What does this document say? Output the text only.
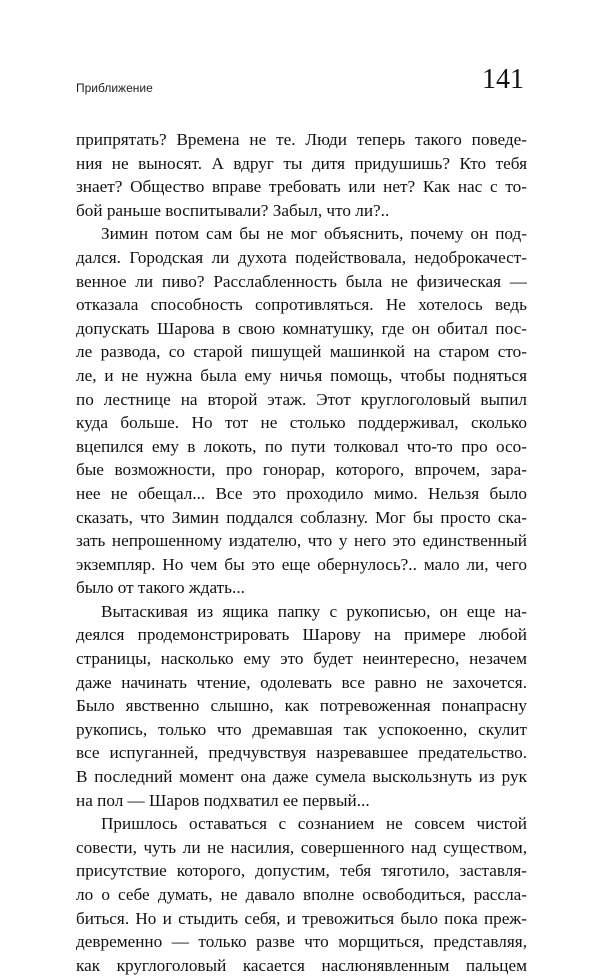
Приближение	141
припрятать? Времена не те. Люди теперь такого поведе-
ния не выносят. А вдруг ты дитя придушишь? Кто тебя
знает? Общество вправе требовать или нет? Как нас с то-
бой раньше воспитывали? Забыл, что ли?..
Зимин потом сам бы не мог объяснить, почему он под-
дался. Городская ли духота подействовала, недоброкачест-
венное ли пиво? Расслабленность была не физическая —
отказала способность сопротивляться. Не хотелось ведь
допускать Шарова в свою комнатушку, где он обитал пос-
ле развода, со старой пишущей машинкой на старом сто-
ле, и не нужна была ему ничья помощь, чтобы подняться
по лестнице на второй этаж. Этот круглоголовый выпил
куда больше. Но тот не столько поддерживал, сколько
вцепился ему в локоть, по пути толковал что-то про осо-
бые возможности, про гонорар, которого, впрочем, зара-
нее не обещал... Все это проходило мимо. Нельзя было
сказать, что Зимин поддался соблазну. Мог бы просто ска-
зать непрошенному издателю, что у него это единственный
экземпляр. Но чем бы это еще обернулось?.. мало ли, чего
было от такого ждать...
Вытаскивая из ящика папку с рукописью, он еще на-
деялся продемонстрировать Шарову на примере любой
страницы, насколько ему это будет неинтересно, незачем
даже начинать чтение, одолевать все равно не захочется.
Было явственно слышно, как потревоженная понапрасну
рукопись, только что дремавшая так успокоенно, скулит
все испуганней, предчувствуя назревавшее предательство.
В последний момент она даже сумела выскользнуть из рук
на пол — Шаров подхватил ее первый...
Пришлось оставаться с сознанием не совсем чистой
совести, чуть ли не насилия, совершенного над существом,
присутствие которого, допустим, тебя тяготило, заставля-
ло о себе думать, не давало вполне освободиться, рассла-
биться. Но и стыдить себя, и тревожиться было пока преж-
девременно — только разве что морщиться, представляя,
как круглоголовый касается наслюнявленным пальцем
